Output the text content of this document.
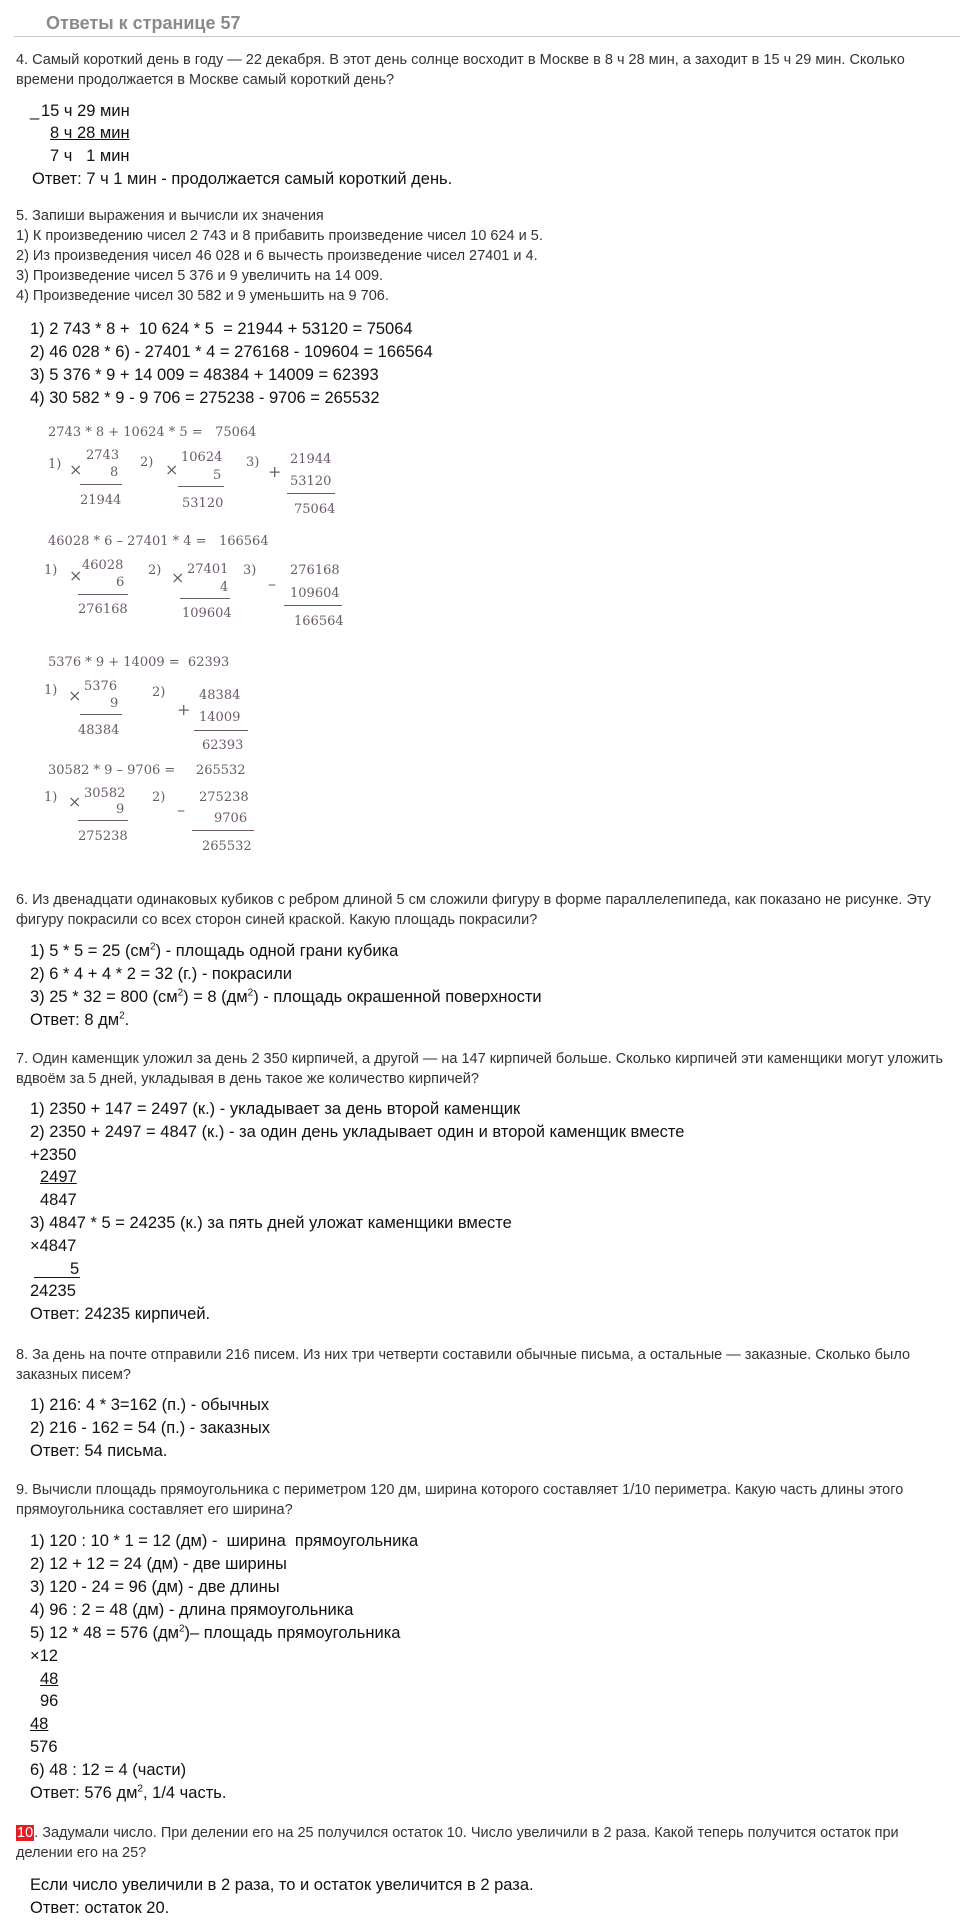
Ответы к странице 57
4. Самый короткий день в году — 22 декабря. В этот день солнце восходит в Москве в 8 ч 28 мин, а заходит в 15 ч 29 мин. Сколько времени продолжается в Москве самый короткий день?
_ 15 ч 29 мин
8 ч 28 мин
7 ч   1 мин
Ответ: 7 ч 1 мин - продолжается самый короткий день.
5. Запиши выражения и вычисли их значения
1) К произведению чисел 2 743 и 8 прибавить произведение чисел 10 624 и 5.
2) Из произведения чисел 46 028 и 6 вычесть произведение чисел 27401 и 4.
3) Произведение чисел 5 376 и 9 увеличить на 14 009.
4) Произведение чисел 30 582 и 9 уменьшить на 9 706.
1) 2 743 * 8 +  10 624 * 5  = 21944 + 53120 = 75064
2) 46 028 * 6) - 27401 * 4 = 276168 - 109604 = 166564
3) 5 376 * 9 + 14 009 = 48384 + 14009 = 62393
4) 30 582 * 9 - 9 706 = 275238 - 9706 = 265532
2743 * 8 + 10624 * 5 =   75064
1) ×
2743
8
21944
2) ×
10624
5
53120
3) +
21944
53120
75064
46028 * 6 – 27401 * 4 =   166564
1) ×
46028
6
276168
2) × 27401
4
109604
3)
–
276168
109604
166564
5376 * 9 + 14009 =  62393
1) × 5376
9
48384
2)
+
48384
14009
62393
30582 * 9 – 9706 =     265532
1) × 30582
9
275238
2)
–
275238
9706
265532
6. Из двенадцати одинаковых кубиков с ребром длиной 5 см сложили фигуру в форме параллелепипеда, как показано не рисунке. Эту фигуру покрасили со всех сторон синей краской. Какую площадь покрасили?
1) 5 * 5 = 25 $(см^2)$ - площадь одной грани кубика
2) 6 * 4 + 4 * 2 = 32 (г.) - покрасили
3) 25 * 32 = 800 $(см^2) = 8$ $(дм^2)$ - площадь окрашенной поверхности
Ответ: 8 $дм^2$.
7. Один каменщик уложил за день 2 350 кирпичей, а другой — на 147 кирпичей больше. Сколько кирпичей эти каменщики могут уложить вдвоём за 5 дней, укладывая в день такое же количество кирпичей?
1) 2350 + 147 = 2497 (к.) - укладывает за день второй каменщик
2) 2350 + 2497 = 4847 (к.) - за один день укладывает один и второй каменщик вместе
+2350
2497
4847
3) 4847 * 5 = 24235 (к.) за пять дней уложат каменщики вместе
×4847
5
24235
Ответ: 24235 кирпичей.
8. За день на почте отправили 216 писем. Из них три четверти составили обычные письма, а остальные — заказные. Сколько было заказных писем?
1) 216: 4 * 3=162 (п.) - обычных
2) 216 - 162 = 54 (п.) - заказных
Ответ: 54 письма.
9. Вычисли площадь прямоугольника с периметром 120 дм, ширина которого составляет 1/10 периметра. Какую часть длины этого прямоугольника составляет его ширина?
1) 120 : 10 * 1 = 12 (дм) -  ширина  прямоугольника
2) 12 + 12 = 24 (дм) - две ширины
3) 120 - 24 = 96 (дм) - две длины
4) 96 : 2 = 48 (дм) - длина прямоугольника
5) 12 * 48 = 576 $(дм^2)-$ площадь прямоугольника
×12
48
96
48
576
6) 48 : 12 = 4 (части)
Ответ: 576 $дм^2$, 1/4 часть.
10. Задумали число. При делении его на 25 получился остаток 10. Число увеличили в 2 раза. Какой теперь получится остаток при делении его на 25?
Если число увеличили в 2 раза, то и остаток увеличится в 2 раза.
Ответ: остаток 20.
